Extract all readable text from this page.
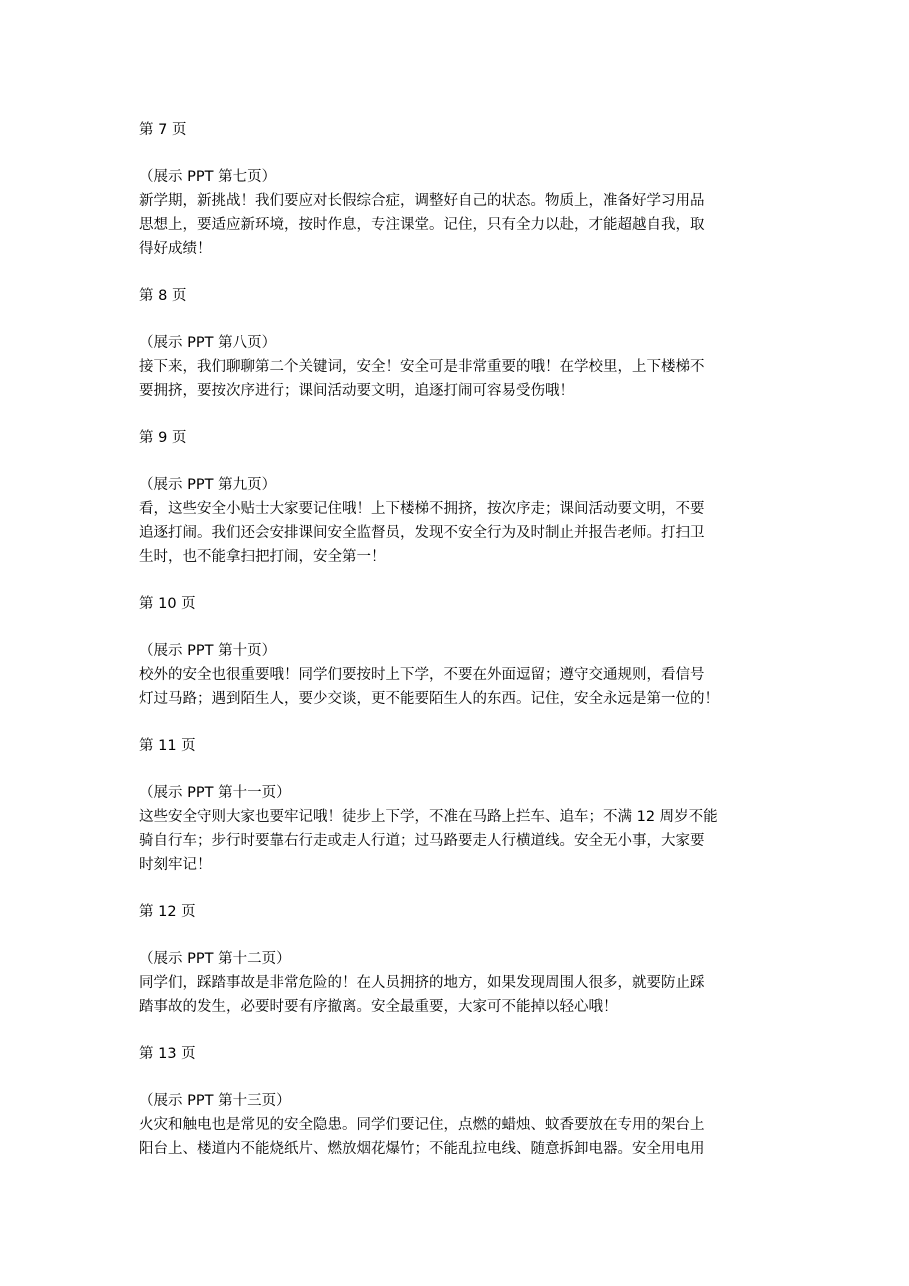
第 7 页
（展示 PPT 第七页）
新学期，新挑战！我们要应对长假综合症，调整好自己的状态。物质上，准备好学习用品
思想上，要适应新环境，按时作息，专注课堂。记住，只有全力以赴，才能超越自我，取
得好成绩！
第 8 页
（展示 PPT 第八页）
接下来，我们聊聊第二个关键词，安全！安全可是非常重要的哦！在学校里，上下楼梯不
要拥挤，要按次序进行；课间活动要文明，追逐打闹可容易受伤哦！
第 9 页
（展示 PPT 第九页）
看，这些安全小贴士大家要记住哦！上下楼梯不拥挤，按次序走；课间活动要文明，不要
追逐打闹。我们还会安排课间安全监督员，发现不安全行为及时制止并报告老师。打扫卫
生时，也不能拿扫把打闹，安全第一！
第 10 页
（展示 PPT 第十页）
校外的安全也很重要哦！同学们要按时上下学，不要在外面逗留；遵守交通规则，看信号
灯过马路；遇到陌生人，要少交谈，更不能要陌生人的东西。记住，安全永远是第一位的！
第 11 页
（展示 PPT 第十一页）
这些安全守则大家也要牢记哦！徒步上下学，不准在马路上拦车、追车；不满 12 周岁不能
骑自行车；步行时要靠右行走或走人行道；过马路要走人行横道线。安全无小事，大家要
时刻牢记！
第 12 页
（展示 PPT 第十二页）
同学们，踩踏事故是非常危险的！在人员拥挤的地方，如果发现周围人很多，就要防止踩
踏事故的发生，必要时要有序撤离。安全最重要，大家可不能掉以轻心哦！
第 13 页
（展示 PPT 第十三页）
火灾和触电也是常见的安全隐患。同学们要记住，点燃的蜡烛、蚊香要放在专用的架台上
阳台上、楼道内不能烧纸片、燃放烟花爆竹；不能乱拉电线、随意拆卸电器。安全用电用
